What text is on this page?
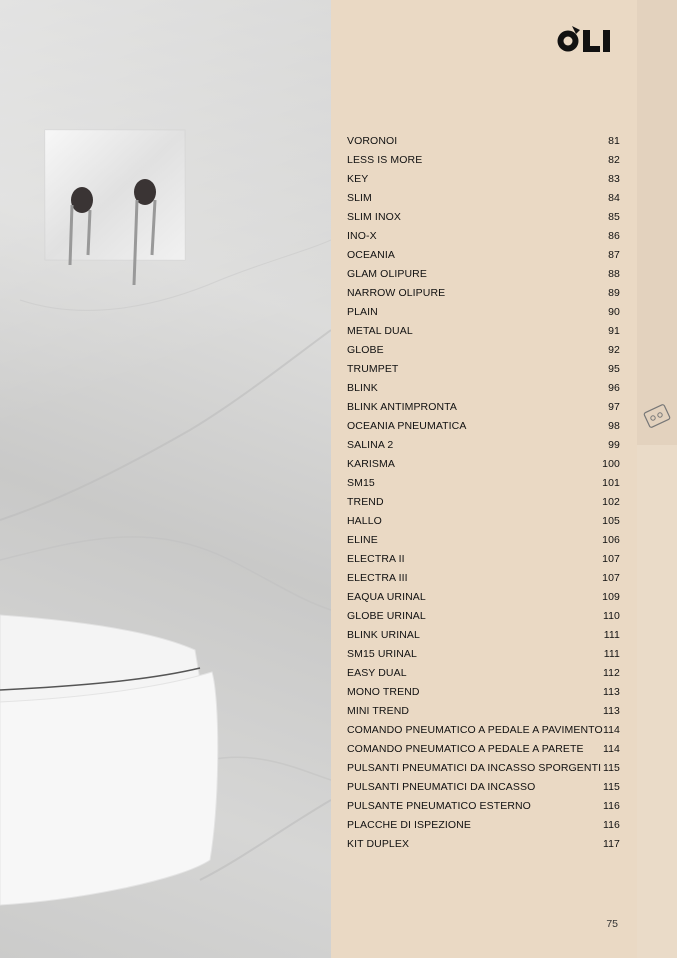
VORONOI	81
LESS IS MORE	82
KEY	83
SLIM	84
SLIM INOX	85
INO-X	86
OCEANIA	87
GLAM OLIPURE	88
NARROW OLIPURE	89
PLAIN	90
METAL DUAL	91
GLOBE	92
TRUMPET	95
BLINK	96
BLINK ANTIMPRONTA	97
OCEANIA PNEUMATICA	98
SALINA 2	99
KARISMA	100
SM15	101
TREND	102
HALLO	105
ELINE	106
ELECTRA II	107
ELECTRA III	107
EAQUA URINAL	109
GLOBE URINAL	110
BLINK URINAL	111
SM15 URINAL	111
EASY DUAL	112
MONO TREND	113
MINI TREND	113
COMANDO PNEUMATICO A PEDALE A PAVIMENTO 114
COMANDO PNEUMATICO A PEDALE A PARETE 114
PULSANTI PNEUMATICI DA INCASSO SPORGENTI 115
PULSANTI PNEUMATICI DA INCASSO	115
PULSANTE PNEUMATICO ESTERNO	116
PLACCHE DI ISPEZIONE	116
KIT DUPLEX	117
75
